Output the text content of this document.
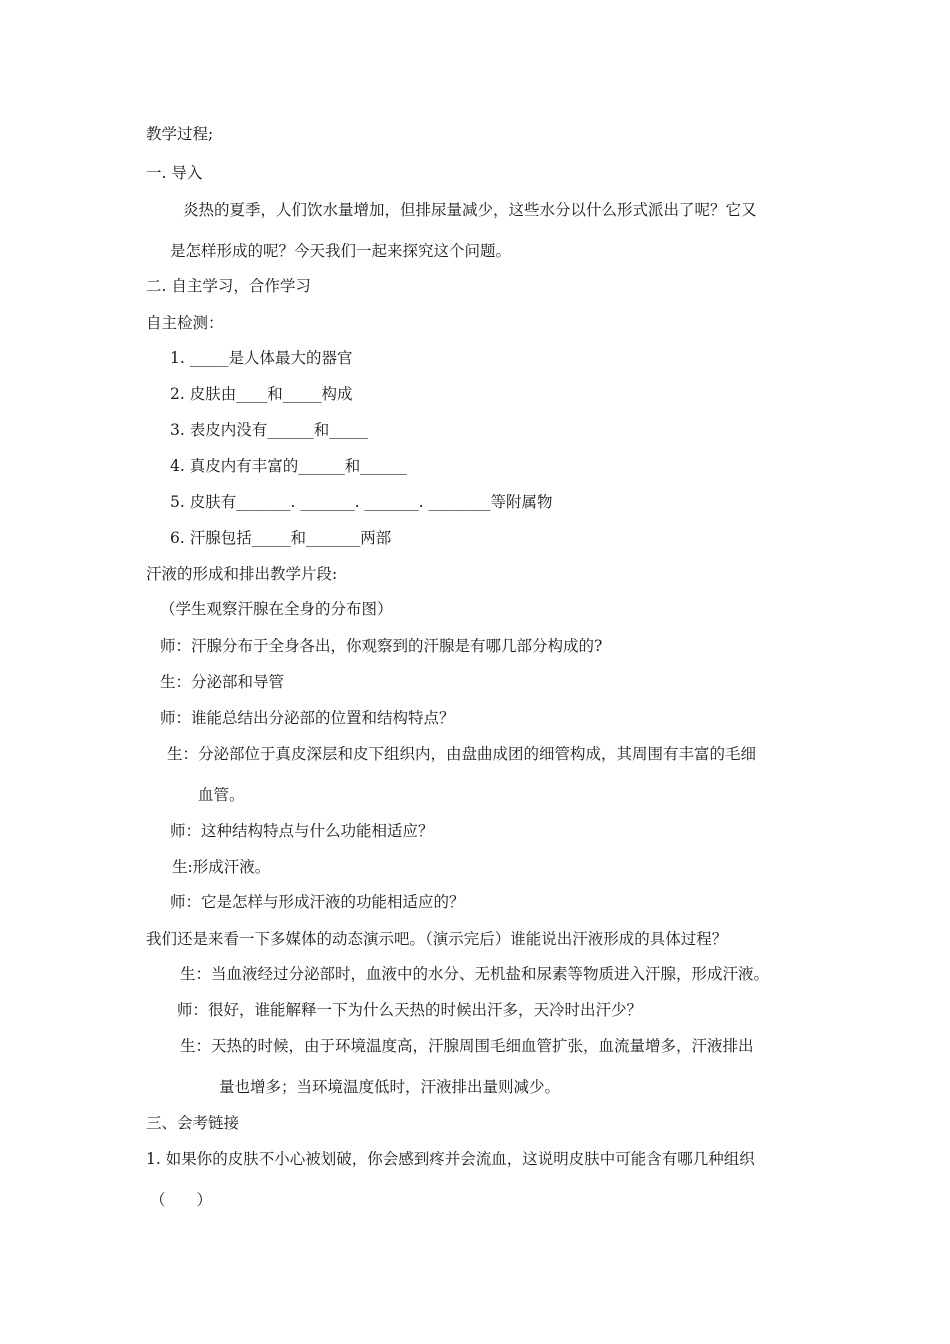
教学过程;
一. 导入
炎热的夏季，人们饮水量增加，但排尿量减少，这些水分以什么形式派出了呢？它又
是怎样形成的呢？今天我们一起来探究这个问题。
二. 自主学习，合作学习
自主检测：
1. _____是人体最大的器官
2. 皮肤由____和_____构成
3. 表皮内没有______和_____
4. 真皮内有丰富的______和______
5. 皮肤有_______. _______. _______. ________等附属物
6. 汗腺包括_____和_______两部
汗液的形成和排出教学片段:
（学生观察汗腺在全身的分布图）
师：汗腺分布于全身各出，你观察到的汗腺是有哪几部分构成的?
生：分泌部和导管
师：谁能总结出分泌部的位置和结构特点？
生：分泌部位于真皮深层和皮下组织内，由盘曲成团的细管构成，其周围有丰富的毛细
血管。
师：这种结构特点与什么功能相适应？
生:形成汗液。
师：它是怎样与形成汗液的功能相适应的？
我们还是来看一下多媒体的动态演示吧。（演示完后）谁能说出汗液形成的具体过程？
生：当血液经过分泌部时，血液中的水分、无机盐和尿素等物质进入汗腺，形成汗液。
师：很好，谁能解释一下为什么天热的时候出汗多，天冷时出汗少？
生：天热的时候，由于环境温度高，汗腺周围毛细血管扩张，血流量增多，汗液排出
量也增多；当环境温度低时，汗液排出量则减少。
三、会考链接
1. 如果你的皮肤不小心被划破，你会感到疼并会流血，这说明皮肤中可能含有哪几种组织
（　　）
